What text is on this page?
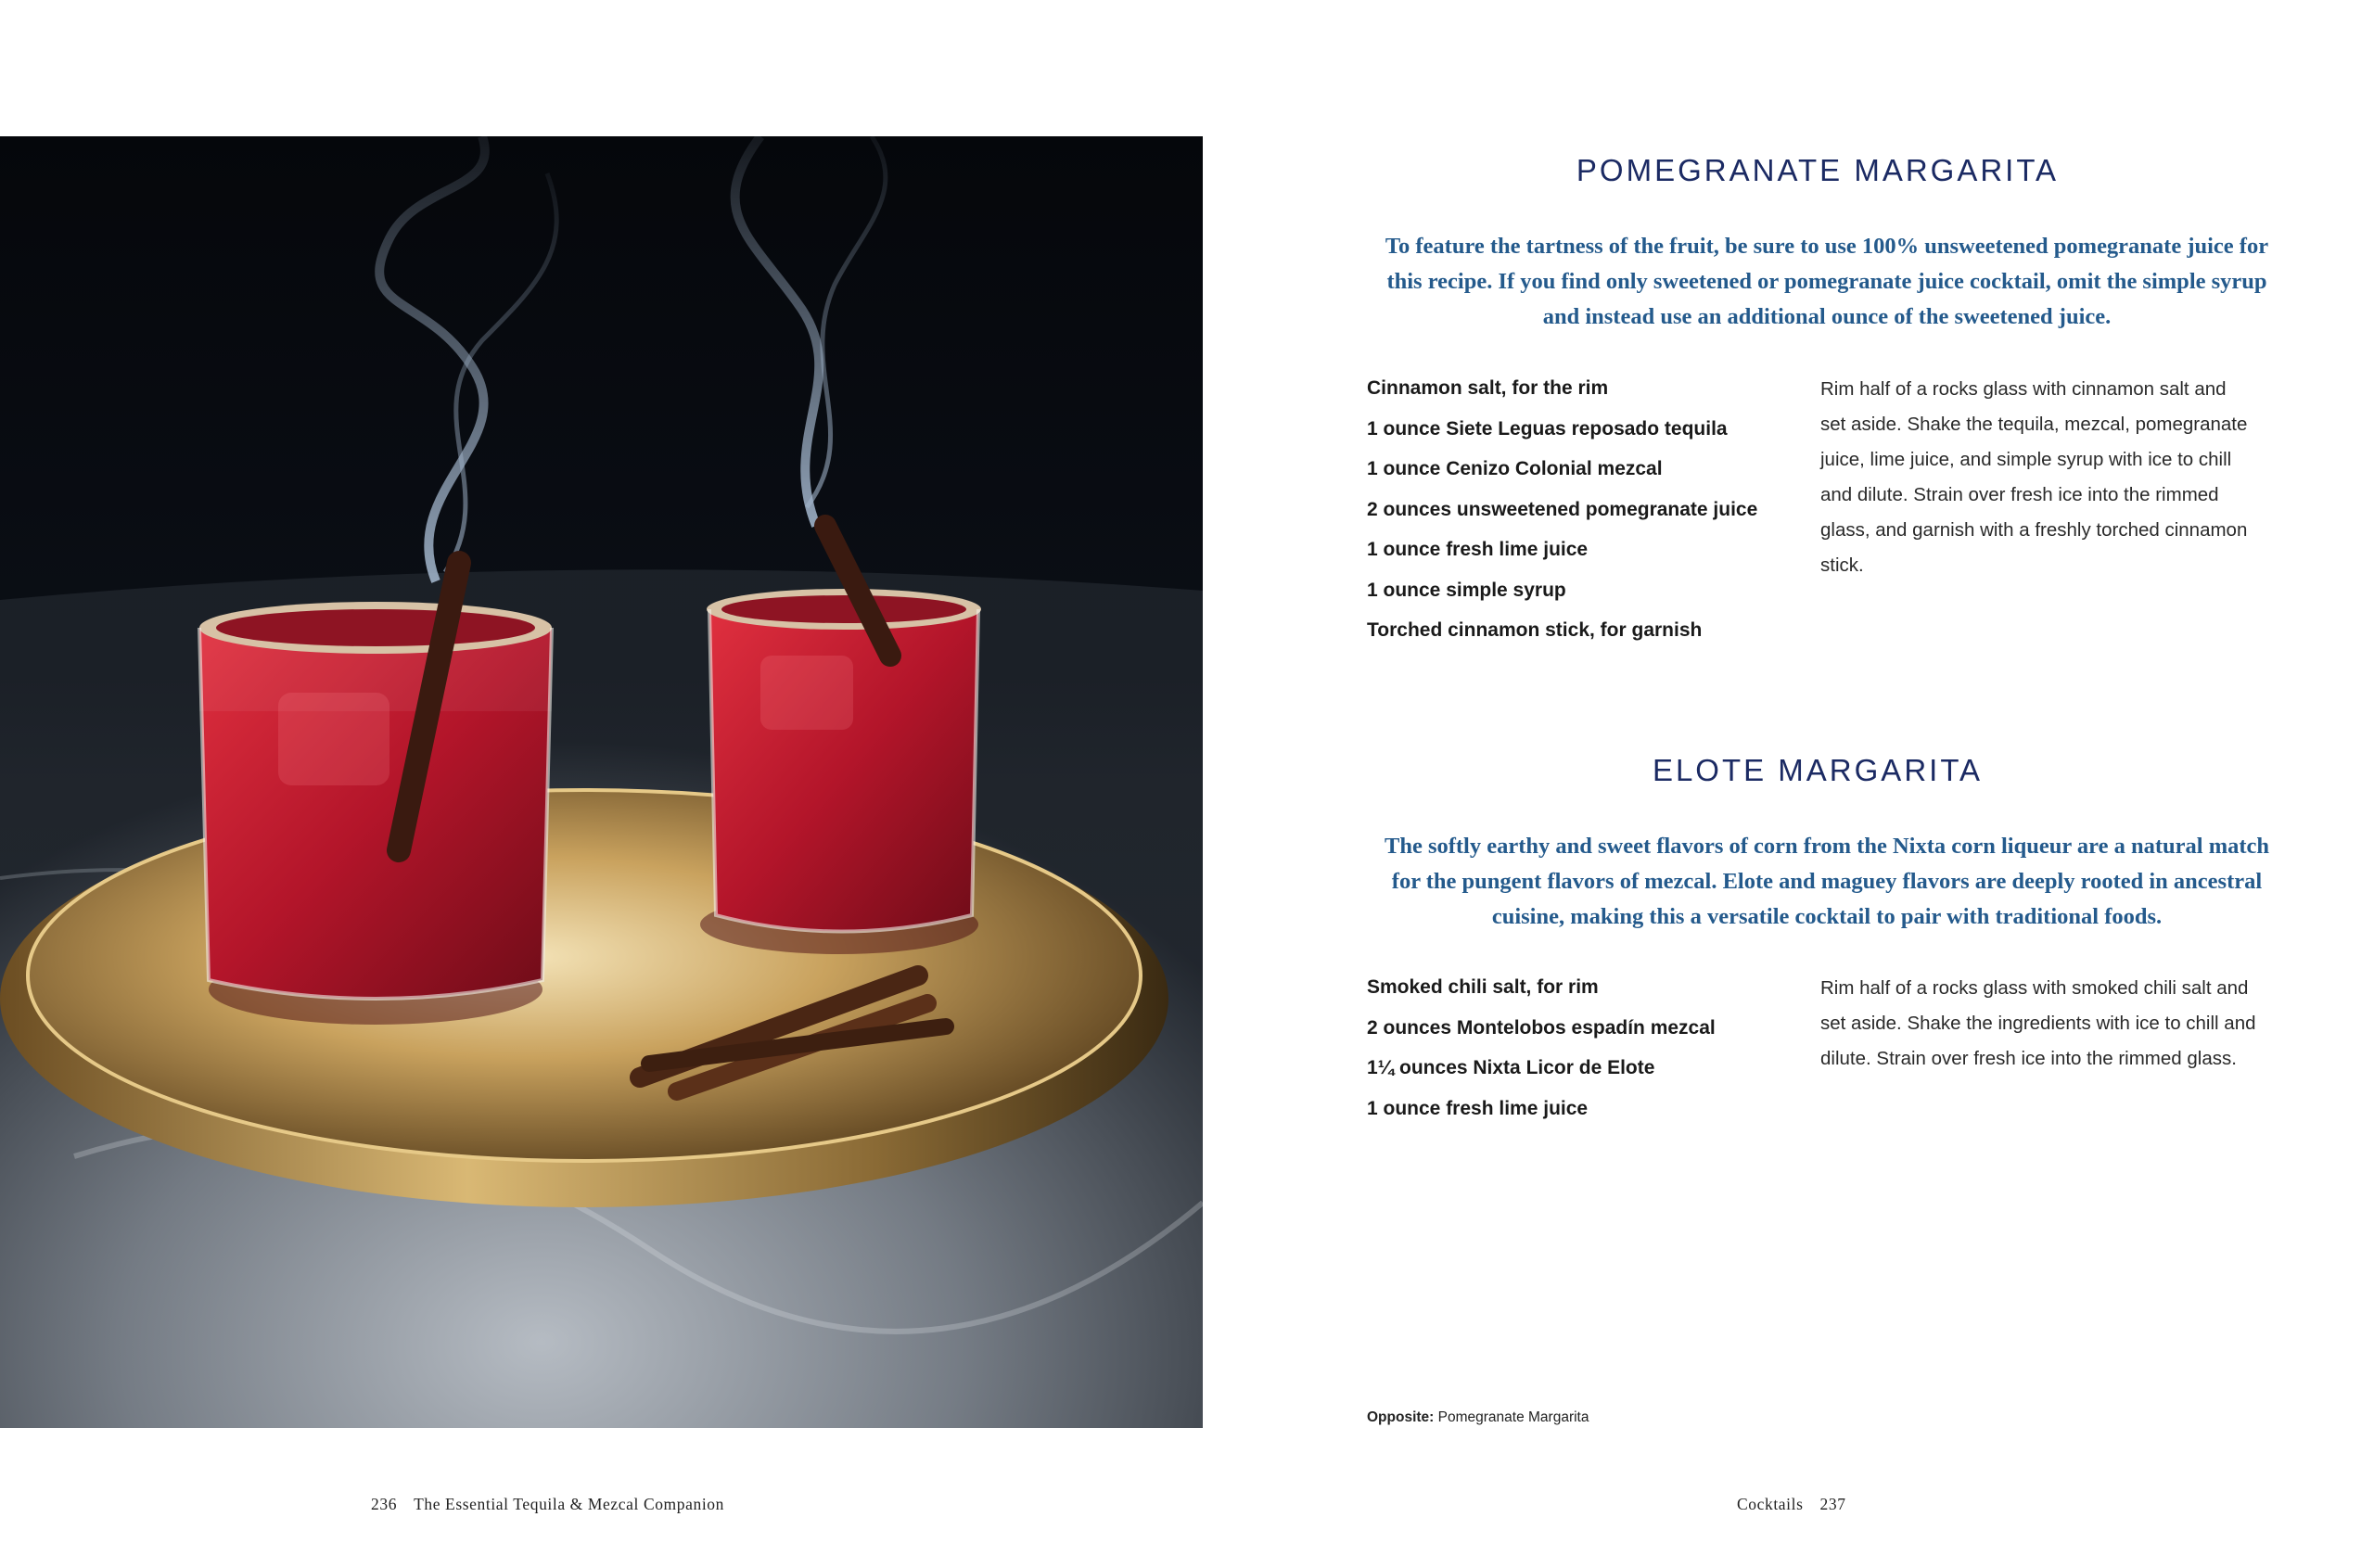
POMEGRANATE MARGARITA

To feature the tartness of the fruit, be sure to use 100% unsweetened pomegranate juice for this recipe. If you find only sweetened or pomegranate juice cocktail, omit the simple syrup and instead use an additional ounce of the sweetened juice.

Cinnamon salt, for the rim
1 ounce Siete Leguas reposado tequila
1 ounce Cenizo Colonial mezcal
2 ounces unsweetened pomegranate juice
1 ounce fresh lime juice
1 ounce simple syrup
Torched cinnamon stick, for garnish

Rim half of a rocks glass with cinnamon salt and set aside. Shake the tequila, mezcal, pomegranate juice, lime juice, and simple syrup with ice to chill and dilute. Strain over fresh ice into the rimmed glass, and garnish with a freshly torched cinnamon stick.

ELOTE MARGARITA

The softly earthy and sweet flavors of corn from the Nixta corn liqueur are a natural match for the pungent flavors of mezcal. Elote and maguey flavors are deeply rooted in ancestral cuisine, making this a versatile cocktail to pair with traditional foods.

Smoked chili salt, for rim
2 ounces Montelobos espadín mezcal
1¼ ounces Nixta Licor de Elote
1 ounce fresh lime juice

Rim half of a rocks glass with smoked chili salt and set aside. Shake the ingredients with ice to chill and dilute. Strain over fresh ice into the rimmed glass.

Opposite: Pomegranate Margarita
236 The Essential Tequila & Mezcal Companion	Cocktails 237
